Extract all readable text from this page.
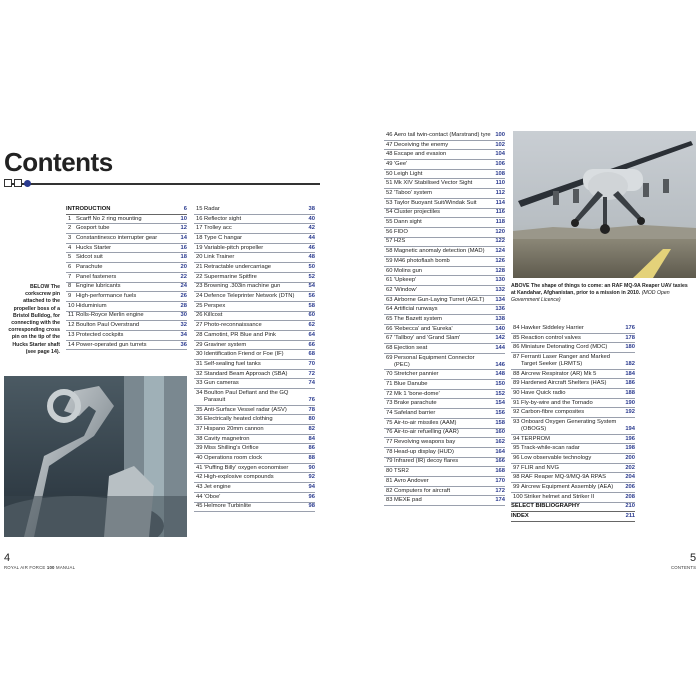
Contents
BELOW The corkscrew pin attached to the propeller boss of a Bristol Bulldog, for connecting with the corresponding cross pin on the tip of the Hucks Starter shaft (see page 14).
ABOVE The shape of things to come: an RAF MQ-9A Reaper UAV taxies at Kandahar, Afghanistan, prior to a mission in 2010. (MOD Open Government Licence)
INTRODUCTION	6
1 Scarff No 2 ring mounting	10
2 Gosport tube	12
3 Constantinesco interrupter gear	14
4 Hucks Starter	16
5 Sidcot suit	18
6 Parachute	20
7 Panel fasteners	22
8 Engine lubricants	24
9 High-performance fuels	26
10 Hiduminium	28
11 Rolls-Royce Merlin engine	30
12 Boulton Paul Overstrand	32
13 Protected cockpits	34
14 Power-operated gun turrets	36
15 Radar	38
16 Reflector sight	40
17 Trolley acc	42
18 Type C hangar	44
19 Variable-pitch propeller	46
20 Link Trainer	48
21 Retractable undercarriage	50
22 Supermarine Spitfire	52
23 Browning .303in machine gun	54
24 Defence Teleprinter Network (DTN)	56
25 Perspex	58
26 Killcost	60
27 Photo-reconnaissance	62
28 Camotint, PR Blue and Pink	64
29 Graviner system	66
30 Identification Friend or Foe (IF)	68
31 Self-sealing fuel tanks	70
32 Standard Beam Approach (SBA)	72
33 Gun cameras	74
34 Boulton Paul Defiant and the GQ Parasuit	76
35 Anti-Surface Vessel radar (ASV)	78
36 Electrically heated clothing	80
37 Hispano 20mm cannon	82
38 Cavity magnetron	84
39 Miss Shilling's Orifice	86
40 Operations room clock	88
41 'Puffing Billy' oxygen economiser	90
42 High-explosive compounds	92
43 Jet engine	94
44 'Oboe'	96
45 Helmore Turbinlite	98
46 Aero tail twin-contact (Marstrand) tyre 100
47 Deceiving the enemy	102
48 Escape and evasion	104
49 'Gee'	106
50 Leigh Light	108
51 Mk XIV Stabilised Vector Sight	110
52 'Taboo' system	112
53 Taylor Buoyant Suit/Windak Suit	114
54 Cluster projectiles	116
55 Dann sight	118
56 FIDO	120
57 H2S	122
58 Magnetic anomaly detection (MAD)	124
59 M46 photoflash bomb	126
60 Molins gun	128
61 'Upkeep'	130
62 'Window'	132
63 Airborne Gun-Laying Turret (AGLT)	134
64 Artificial runways	136
65 The Bazett system	138
66 'Rebecca' and 'Eureka'	140
67 'Tallboy' and 'Grand Slam'	142
68 Ejection seat	144
69 Personal Equipment Connector (PEC)	146
70 Stretcher pannier	148
71 Blue Danube	150
72 Mk 1 'bone-dome'	152
73 Brake parachute	154
74 Safeland barrier	156
75 Air-to-air missiles (AAM)	158
76 Air-to-air refuelling (AAR)	160
77 Revolving weapons bay	162
78 Head-up display (HUD)	164
79 Infrared (IR) decoy flares	166
80 TSR2	168
81 Avro Andover	170
82 Computers for aircraft	172
83 MEXE pad	174
84 Hawker Siddeley Harrier	176
85 Reaction control valves	178
86 Miniature Detonating Cord (MDC)	180
87 Ferranti Laser Ranger and Marked Target Seeker (LRMTS)	182
88 Aircrew Respirator (AR) Mk 5	184
89 Hardened Aircraft Shelters (HAS)	186
90 Have Quick radio	188
91 Fly-by-wire and the Tornado	190
92 Carbon-fibre composites	192
93 Onboard Oxygen Generating System (OBOGS)	194
94 TERPROM	196
95 Track-while-scan radar	198
96 Low observable technology	200
97 FLIR and NVG	202
98 RAF Reaper MQ-9/MQ-9A RPAS	204
99 Aircrew Equipment Assembly (AEA)	206
100 Striker helmet and Striker II	208
SELECT BIBLIOGRAPHY	210
INDEX	211
4
ROYAL AIR FORCE 100 MANUAL
5
CONTENTS
